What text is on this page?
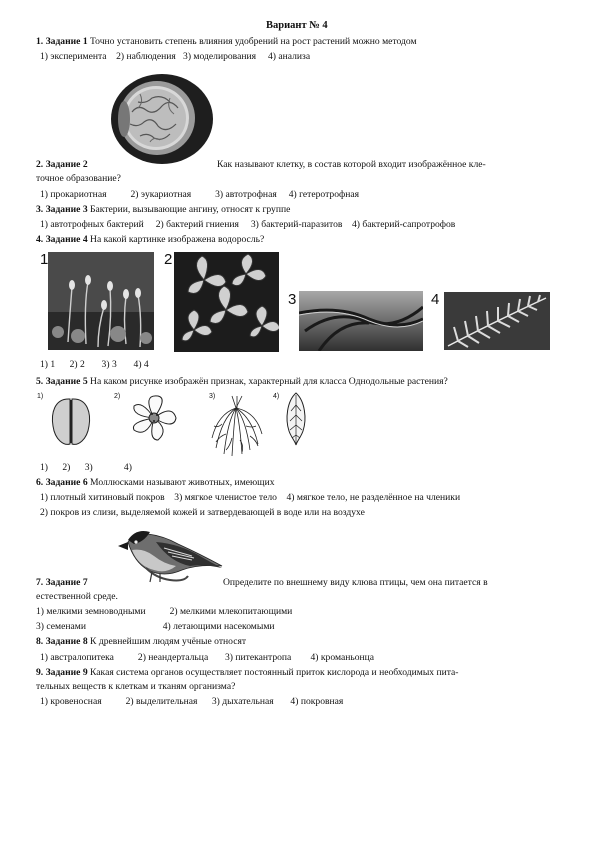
Вариант № 4
1. Задание 1 Точно установить степень влияния удобрений на рост растений можно методом
1) эксперимента    2) наблюдения   3) моделирования     4) анализа
2. Задание 2	Как называют клетку, в состав которой входит изображённое кле-
точное образование?
1) прокариотная          2) эукариотная          3) автотрофная     4) гетеротрофная
3. Задание 3 Бактерии, вызывающие ангину, относят к группе
1) автотрофных бактерий     2) бактерий гниения     3) бактерий-паразитов    4) бактерий-сапротрофов
4. Задание 4 На какой картинке изображена водоросль?
1	2
3	4
1) 1      2) 2       3) 3       4) 4
5. Задание 5 На каком рисунке изображён признак, характерный для класса Однодольные растения?
1)	2)	3)	4)
1)      2)      3)             4)
6. Задание 6 Моллюсками называют животных, имеющих
1) плотный хитиновый покров    3) мягкое членистое тело    4) мягкое тело, не разделённое на членики
2) покров из слизи, выделяемой кожей и затвердевающей в воде или на воздухе
7. Задание 7	Определите по внешнему виду клюва птицы, чем она питается в
естественной среде.
1) мелкими земноводными          2) мелкими млекопитающими
3) семенами                                4) летающими насекомыми
8. Задание 8 К древнейшим людям учёные относят
1) австралопитека          2) неандертальца       3) питекантропа        4) кроманьонца
9. Задание 9 Какая система органов осуществляет постоянный приток кислорода и необходимых пита-
тельных веществ к клеткам и тканям организма?
1) кровеносная          2) выделительная      3) дыхательная       4) покровная
